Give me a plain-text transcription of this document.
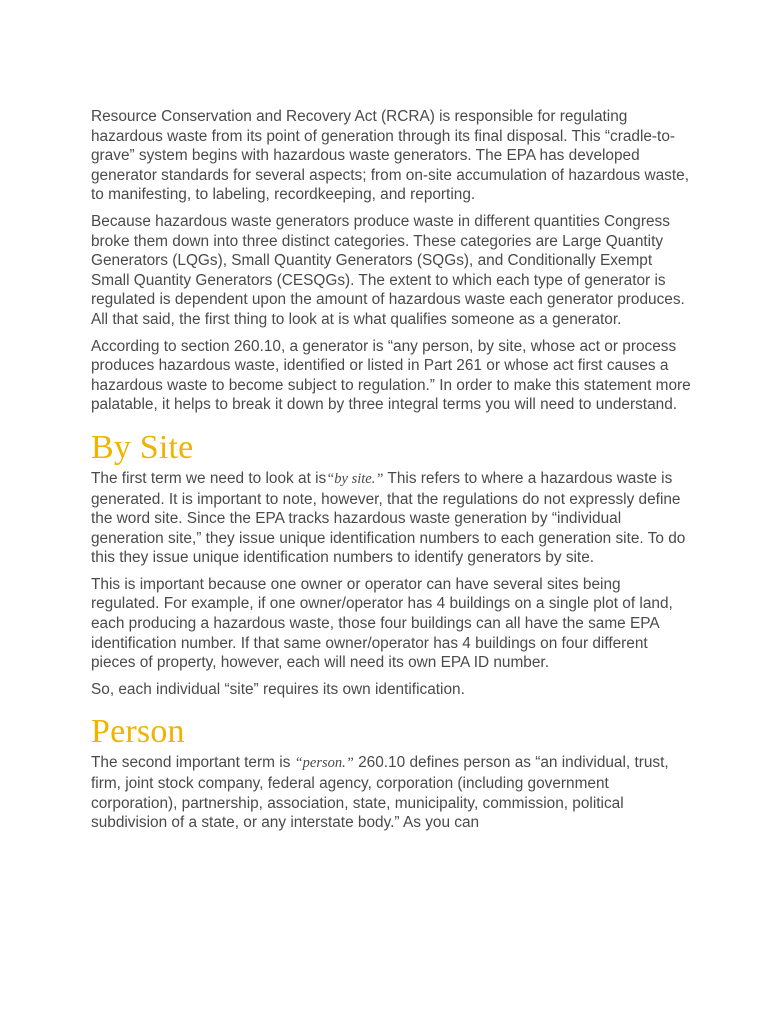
Resource Conservation and Recovery Act (RCRA) is responsible for regulating hazardous waste from its point of generation through its final disposal. This “cradle-to-grave” system begins with hazardous waste generators. The EPA has developed generator standards for several aspects; from on-site accumulation of hazardous waste, to manifesting, to labeling, recordkeeping, and reporting.

Because hazardous waste generators produce waste in different quantities Congress broke them down into three distinct categories. These categories are Large Quantity Generators (LQGs), Small Quantity Generators (SQGs), and Conditionally Exempt Small Quantity Generators (CESQGs). The extent to which each type of generator is regulated is dependent upon the amount of hazardous waste each generator produces. All that said, the first thing to look at is what qualifies someone as a generator.

According to section 260.10, a generator is “any person, by site, whose act or process produces hazardous waste, identified or listed in Part 261 or whose act first causes a hazardous waste to become subject to regulation.” In order to make this statement more palatable, it helps to break it down by three integral terms you will need to understand.

By Site

The first term we need to look at is“by site.” This refers to where a hazardous waste is generated. It is important to note, however, that the regulations do not expressly define the word site. Since the EPA tracks hazardous waste generation by “individual generation site,” they issue unique identification numbers to each generation site. To do this they issue unique identification numbers to identify generators by site.

This is important because one owner or operator can have several sites being regulated. For example, if one owner/operator has 4 buildings on a single plot of land, each producing a hazardous waste, those four buildings can all have the same EPA identification number. If that same owner/operator has 4 buildings on four different pieces of property, however, each will need its own EPA ID number.

So, each individual “site” requires its own identification.

Person

The second important term is “person.” 260.10 defines person as “an individual, trust, firm, joint stock company, federal agency, corporation (including government corporation), partnership, association, state, municipality, commission, political subdivision of a state, or any interstate body.” As you can
